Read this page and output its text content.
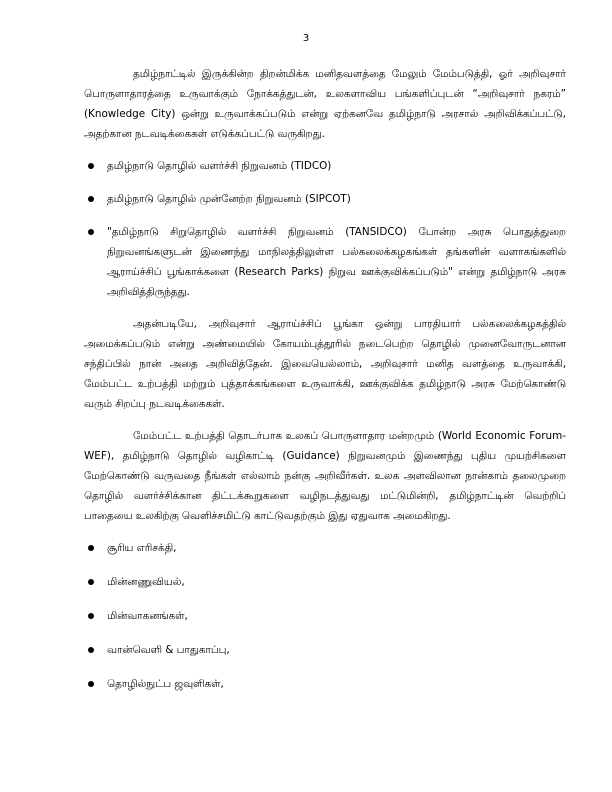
3

தமிழ்நாட்டில் இருக்கின்ற திறன்மிக்க மனிதவளத்தை மேலும் மேம்படுத்தி, ஓர் அறிவுசார் பொருளாதாரத்தை உருவாக்கும் நோக்கத்துடன், உலகளாவிய பங்களிப்புடன் “அறிவுசார் நகரம்” (Knowledge City) ஒன்று உருவாக்கப்படும் என்று ஏற்கனவே தமிழ்நாடு அரசால் அறிவிக்கப்பட்டு, அதற்கான நடவடிக்கைகள் எடுக்கப்பட்டு வருகிறது.

தமிழ்நாடு தொழில் வளர்ச்சி நிறுவனம் (TIDCO)
தமிழ்நாடு தொழில் முன்னேற்ற நிறுவனம் (SIPCOT)
"தமிழ்நாடு சிறுதொழில் வளர்ச்சி நிறுவனம் (TANSIDCO) போன்ற அரசு பொதுத்துறை நிறுவனங்களுடன் இணைந்து மாநிலத்திலுள்ள பல்கலைக்கழகங்கள் தங்களின் வளாகங்களில் ஆராய்ச்சிப் பூங்காக்களை (Research Parks) நிறுவ ஊக்குவிக்கப்படும்" என்று தமிழ்நாடு அரசு அறிவித்திருந்தது.

அதன்படியே, அறிவுசார் ஆராய்ச்சிப் பூங்கா ஒன்று பாரதியார் பல்கலைக்கழகத்தில் அமைக்கப்படும் என்று அண்மையில் கோயம்புத்தூரில் நடைபெற்ற தொழில் முனைவோருடனான சந்திப்பில் நான் அதை அறிவித்தேன். இவையெல்லாம், அறிவுசார் மனித வளத்தை உருவாக்கி, மேம்பட்ட உற்பத்தி மற்றும் புத்தாக்கங்களை உருவாக்கி, ஊக்குவிக்க தமிழ்நாடு அரசு மேற்கொண்டு வரும் சிறப்பு நடவடிக்கைகள்.

மேம்பட்ட உற்பத்தி தொடர்பாக உலகப் பொருளாதார மன்றமும் (World Economic Forum- WEF), தமிழ்நாடு தொழில் வழிகாட்டி (Guidance) நிறுவனமும் இணைந்து புதிய முயற்சிகளை மேற்கொண்டு வருவதை நீங்கள் எல்லாம் நன்கு அறிவீர்கள். உலக அளவிலான நான்காம் தலைமுறை தொழில் வளர்ச்சிக்கான திட்டக்கூறுகளை வழிநடத்துவது மட்டுமின்றி, தமிழ்நாட்டின் வெற்றிப் பாதையை உலகிற்கு வெளிச்சமிட்டு காட்டுவதற்கும் இது ஏதுவாக அமைகிறது.

சூரிய எரிசக்தி,
மின்னணுவியல்,
மின்வாகனங்கள்,
வான்வெளி & பாதுகாப்பு,
தொழில்நுட்ப ஜவுளிகள்,
